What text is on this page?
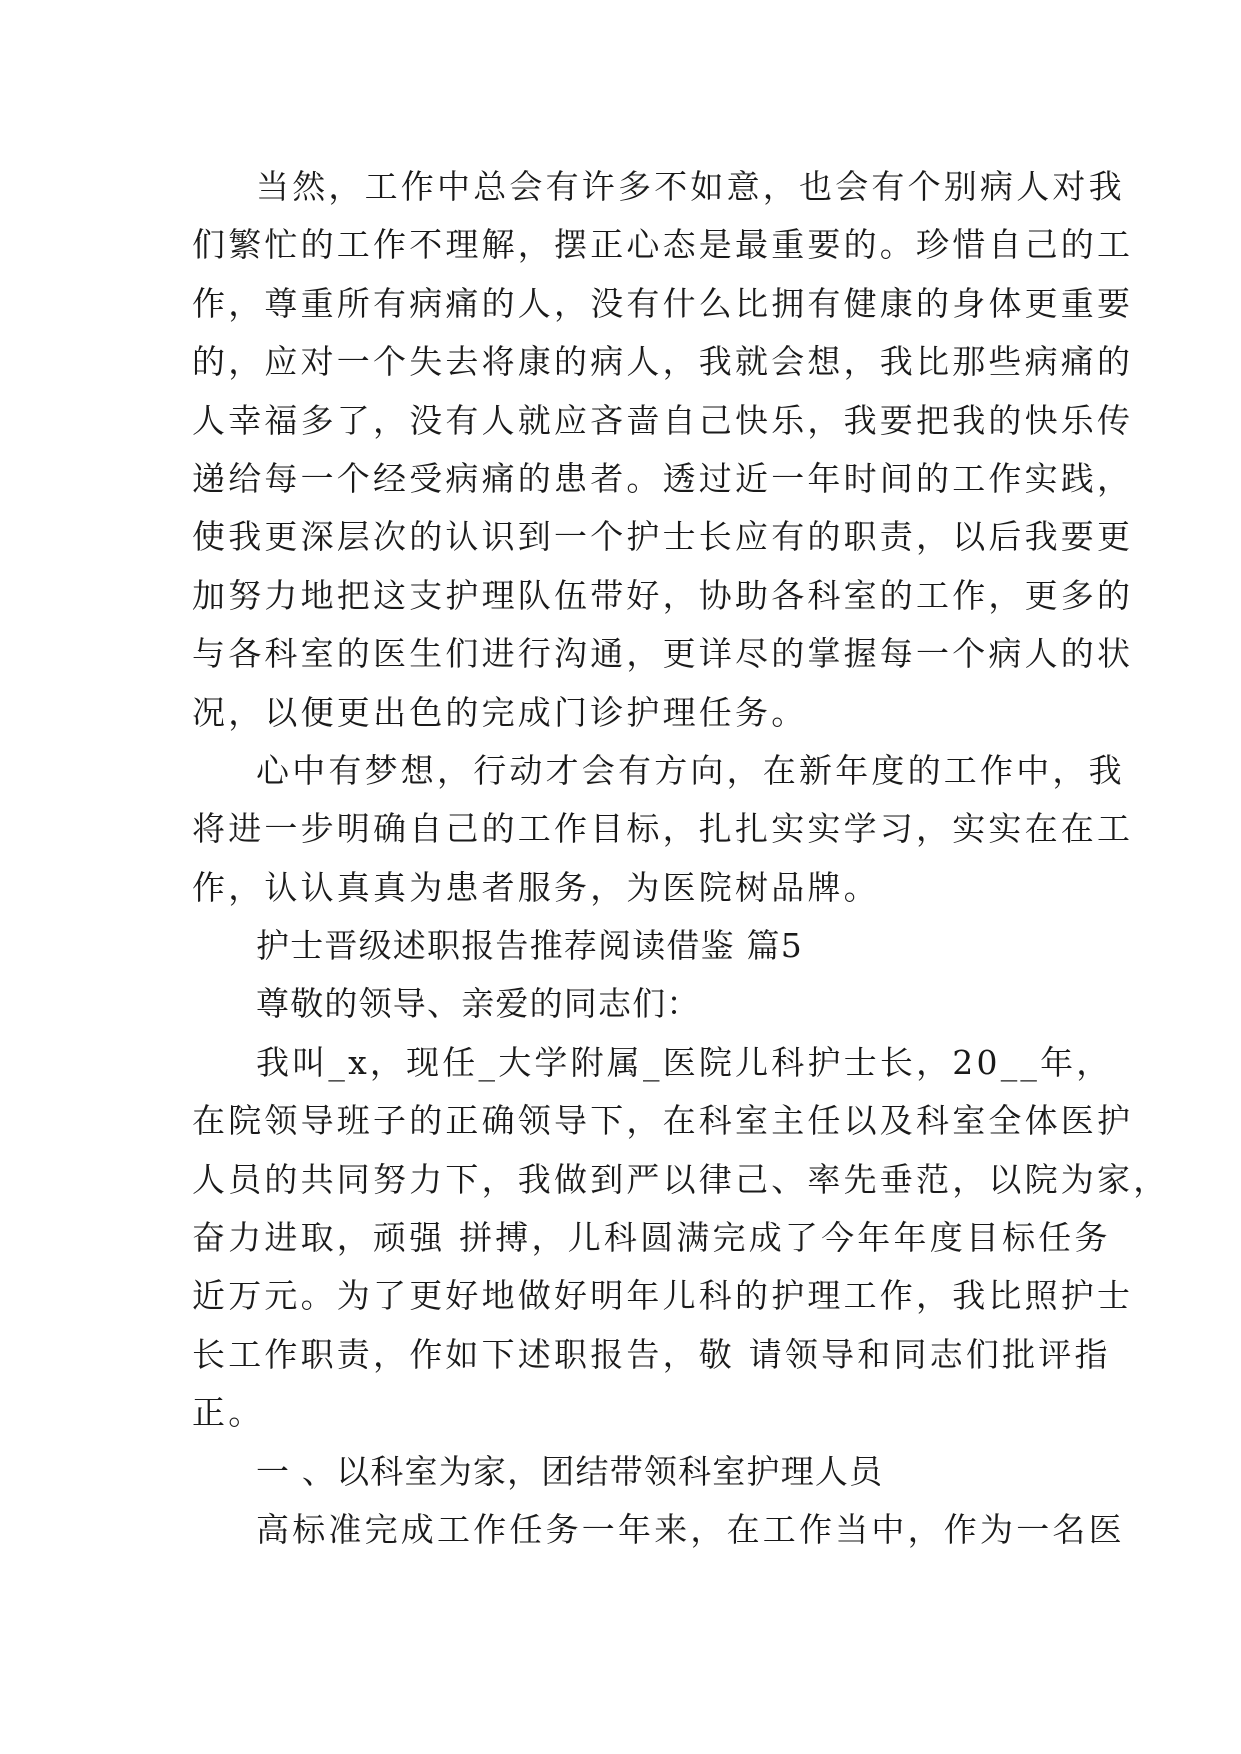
当然，工作中总会有许多不如意，也会有个别病人对我
们繁忙的工作不理解，摆正心态是最重要的。珍惜自己的工
作，尊重所有病痛的人，没有什么比拥有健康的身体更重要
的，应对一个失去将康的病人，我就会想，我比那些病痛的
人幸福多了，没有人就应吝啬自己快乐，我要把我的快乐传
递给每一个经受病痛的患者。透过近一年时间的工作实践，
使我更深层次的认识到一个护士长应有的职责，以后我要更
加努力地把这支护理队伍带好，协助各科室的工作，更多的
与各科室的医生们进行沟通，更详尽的掌握每一个病人的状
况，以便更出色的完成门诊护理任务。
心中有梦想，行动才会有方向，在新年度的工作中，我
将进一步明确自己的工作目标，扎扎实实学习，实实在在工
作，认认真真为患者服务，为医院树品牌。
护士晋级述职报告推荐阅读借鉴 篇5
尊敬的领导、亲爱的同志们：
我叫_x，现任_大学附属_医院儿科护士长，20__年，
在院领导班子的正确领导下，在科室主任以及科室全体医护
人员的共同努力下，我做到严以律己、率先垂范，以院为家，
奋力进取，顽强 拼搏，儿科圆满完成了今年年度目标任务
近万元。为了更好地做好明年儿科的护理工作，我比照护士
长工作职责，作如下述职报告，敬 请领导和同志们批评指
正。
一 、以科室为家，团结带领科室护理人员
高标准完成工作任务一年来，在工作当中，作为一名医
